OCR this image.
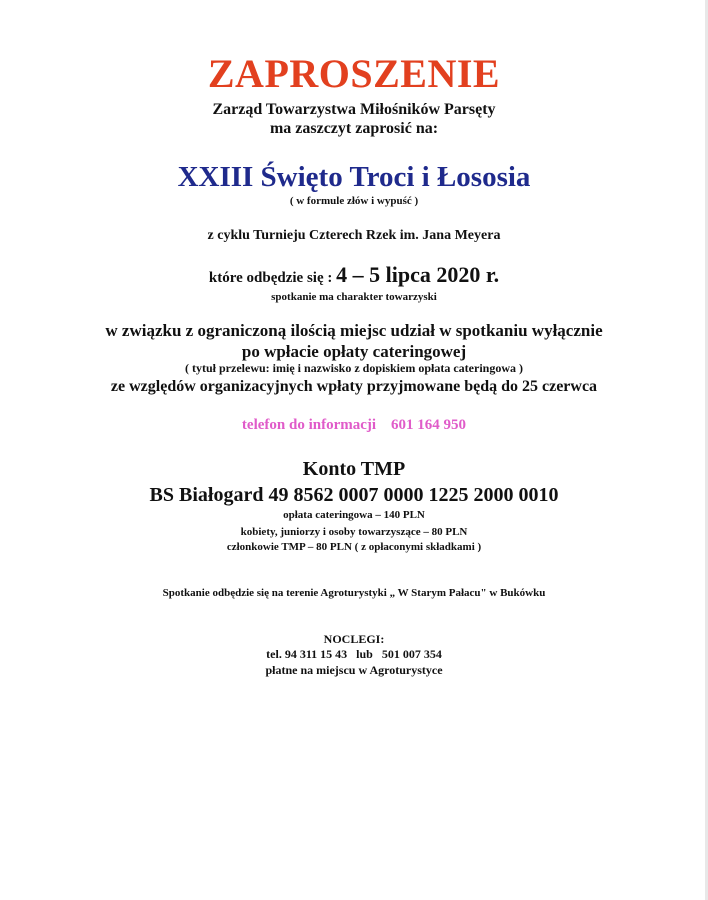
ZAPROSZENIE
Zarząd Towarzystwa Miłośników Parsęty
ma zaszczyt zaprosić na:
XXIII Święto Troci i Łososia
( w formule złów i wypuść )
z cyklu Turnieju Czterech Rzek im. Jana Meyera
które odbędzie się : 4 – 5 lipca 2020 r.
spotkanie ma charakter towarzyski
w związku z ograniczoną ilością miejsc udział w spotkaniu wyłącznie
po wpłacie opłaty cateringowej
( tytuł przelewu: imię i nazwisko z dopiskiem opłata cateringowa )
ze względów organizacyjnych wpłaty przyjmowane będą do 25 czerwca
telefon do informacji    601 164 950
Konto TMP
BS Białogard 49 8562 0007 0000 1225 2000 0010
opłata cateringowa – 140 PLN
kobiety, juniorzy i osoby towarzyszące – 80 PLN
członkowie TMP – 80 PLN ( z opłaconymi składkami )
Spotkanie odbędzie się na terenie Agroturystyki „ W Starym Pałacu" w Bukówku
NOCLEGI:
tel. 94 311 15 43   lub   501 007 354
płatne na miejscu w Agroturystyce
